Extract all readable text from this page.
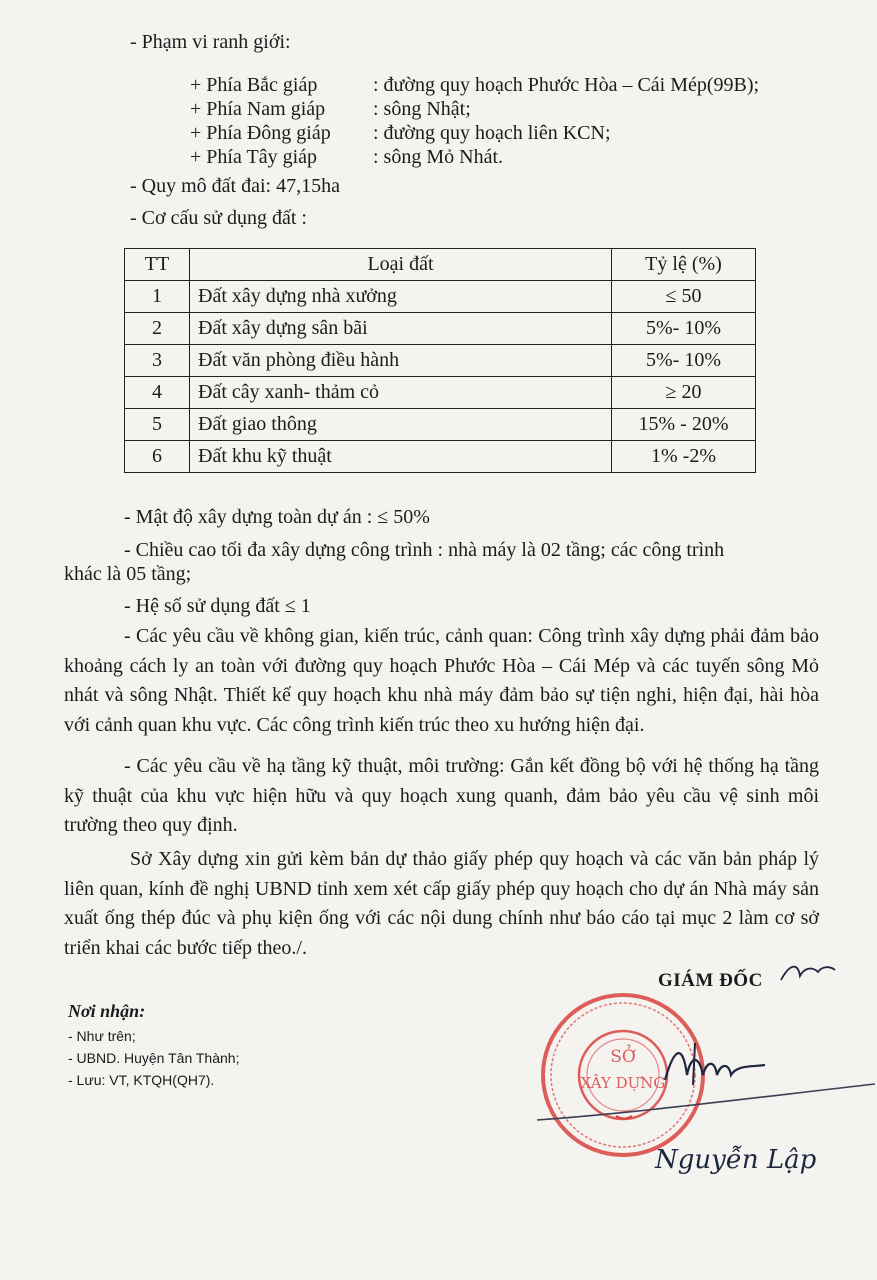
- Phạm vi ranh giới:
+ Phía Bắc giáp	: đường quy hoạch Phước Hòa – Cái Mép(99B);
+ Phía Nam giáp : sông Nhật;
+ Phía Đông giáp : đường quy hoạch liên KCN;
+ Phía Tây giáp	: sông Mỏ Nhát.
- Quy mô đất đai: 47,15ha
- Cơ cấu sử dụng đất :
TT	Loại đất	Tỷ lệ (%)
1	Đất xây dựng nhà xưởng	≤ 50
2	Đất xây dựng sân bãi	5%- 10%
3	Đất văn phòng điều hành	5%- 10%
4	Đất cây xanh- thảm cỏ	≥ 20
5	Đất giao thông	15% - 20%
6	Đất khu kỹ thuật	1% -2%
- Mật độ xây dựng toàn dự án : ≤ 50%
- Chiều cao tối đa xây dựng công trình : nhà máy là 02 tầng; các công trình
khác là 05 tầng;
- Hệ số sử dụng đất ≤ 1
- Các yêu cầu về không gian, kiến trúc, cảnh quan: Công trình xây dựng phải đảm bảo khoảng cách ly an toàn với đường quy hoạch Phước Hòa – Cái Mép và các tuyến sông Mỏ nhát và sông Nhật. Thiết kế quy hoạch khu nhà máy đảm bảo sự tiện nghi, hiện đại, hài hòa với cảnh quan khu vực. Các công trình kiến trúc theo xu hướng hiện đại.
- Các yêu cầu về hạ tầng kỹ thuật, môi trường: Gắn kết đồng bộ với hệ thống hạ tầng kỹ thuật của khu vực hiện hữu và quy hoạch xung quanh, đảm bảo yêu cầu vệ sinh môi trường theo quy định.
Sở Xây dựng xin gửi kèm bản dự thảo giấy phép quy hoạch và các văn bản pháp lý liên quan, kính đề nghị UBND tỉnh xem xét cấp giấy phép quy hoạch cho dự án Nhà máy sản xuất ống thép đúc và phụ kiện ống với các nội dung chính như báo cáo tại mục 2 làm cơ sở triển khai các bước tiếp theo./.
Nơi nhận:
- Như trên;
- UBND. Huyện Tân Thành;
- Lưu: VT, KTQH(QH7).
GIÁM ĐỐC
SỞ
XÂY DỰNG
Nguyễn Lập
